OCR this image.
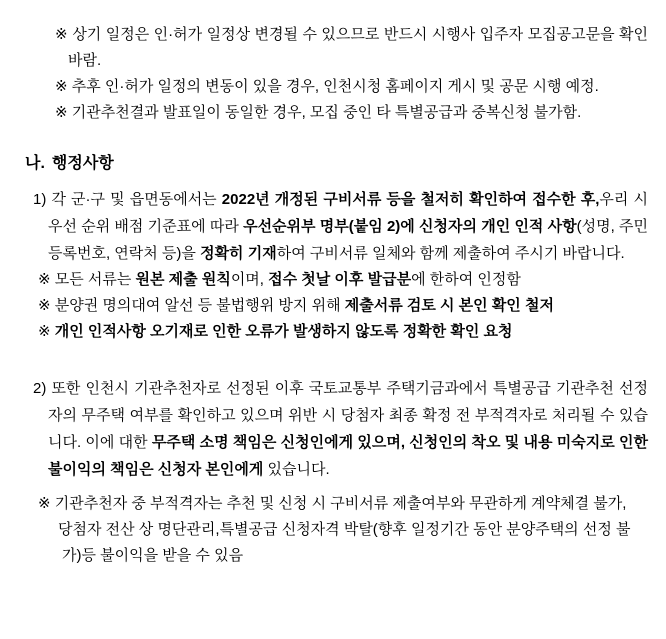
※ 상기 일정은 인·허가 일정상 변경될 수 있으므로 반드시 시행사 입주자 모집공고문을 확인 바람.

※ 추후 인·허가 일정의 변동이 있을 경우, 인천시청 홈페이지 게시 및 공문 시행 예정.

※ 기관추천결과 발표일이 동일한 경우, 모집 중인 타 특별공급과 중복신청 불가함.

나. 행정사항

1) 각 군·구 및 읍면동에서는 2022년 개정된 구비서류 등을 철저히 확인하여 접수한 후,우리 시 우선 순위 배점 기준표에 따라 우선순위부 명부(붙임 2)에 신청자의 개인 인적 사항(성명, 주민등록번호, 연락처 등)을 정확히 기재하여 구비서류 일체와 함께 제출하여 주시기 바랍니다.

※ 모든 서류는 원본 제출 원칙이며, 접수 첫날 이후 발급분에 한하여 인정함

※ 분양권 명의대여 알선 등 불법행위 방지 위해 제출서류 검토 시 본인 확인 철저

※ 개인 인적사항 오기재로 인한 오류가 발생하지 않도록 정확한 확인 요청

2) 또한 인천시 기관추천자로 선정된 이후 국토교통부 주택기금과에서 특별공급 기관추천 선정자의 무주택 여부를 확인하고 있으며 위반 시 당첨자 최종 확정 전 부적격자로 처리될 수 있습니다. 이에 대한 무주택 소명 책임은 신청인에게 있으며, 신청인의 착오 및 내용 미숙지로 인한 불이익의 책임은 신청자 본인에게 있습니다.

※ 기관추천자 중 부적격자는 추천 및 신청 시 구비서류 제출여부와 무관하게 계약체결 불가,

당첨자 전산 상 명단관리,특별공급 신청자격 박탈(향후 일정기간 동안 분양주택의 선정 불가)등 불이익을 받을 수 있음
